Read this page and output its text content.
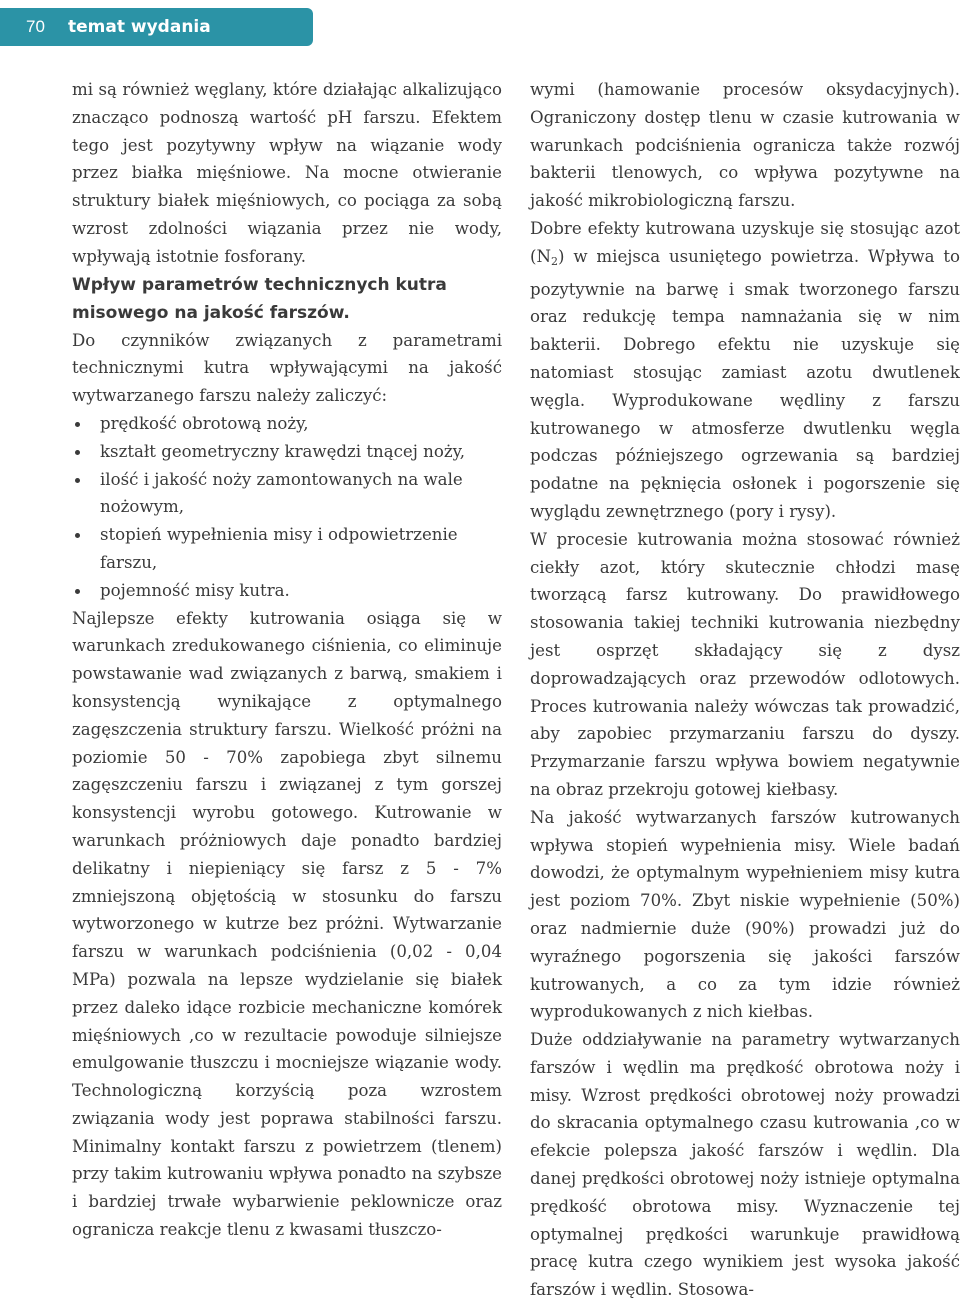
70	temat wydania

mi są również węglany, które działając alkalizująco znacząco podnoszą wartość pH farszu. Efektem tego jest pozytywny wpływ na wiązanie wody przez białka mięśniowe. Na mocne otwieranie struktury białek mięśniowych, co pociąga za sobą wzrost zdolności wiązania przez nie wody, wpływają istotnie fosforany.

Wpływ parametrów technicznych kutra misowego na jakość farszów.

Do czynników związanych z parametrami technicznymi kutra wpływającymi na jakość wytwarzanego farszu należy zaliczyć:

prędkość obrotową noży,
kształt geometryczny krawędzi tnącej noży,
ilość i jakość noży zamontowanych na wale nożowym,
stopień wypełnienia misy i odpowietrzenie farszu,
pojemność misy kutra.

Najlepsze efekty kutrowania osiąga się w warunkach zredukowanego ciśnienia, co eliminuje powstawanie wad związanych z barwą, smakiem i konsystencją wynikające z optymalnego zagęszczenia struktury farszu. Wielkość próżni na poziomie 50 - 70% zapobiega zbyt silnemu zagęszczeniu farszu i związanej z tym gorszej konsystencji wyrobu gotowego. Kutrowanie w warunkach próżniowych daje ponadto bardziej delikatny i niepieniący się farsz z 5 - 7% zmniejszoną objętością w stosunku do farszu wytworzonego w kutrze bez próżni. Wytwarzanie farszu w warunkach podciśnienia (0,02 - 0,04 MPa) pozwala na lepsze wydzielanie się białek przez daleko idące rozbicie mechaniczne komórek mięśniowych ,co w rezultacie powoduje silniejsze emulgowanie tłuszczu i mocniejsze wiązanie wody. Technologiczną korzyścią poza wzrostem związania wody jest poprawa stabilności farszu. Minimalny kontakt farszu z powietrzem (tlenem) przy takim kutrowaniu wpływa ponadto na szybsze i bardziej trwałe wybarwienie peklownicze oraz ogranicza reakcje tlenu z kwasami tłuszczo-

wymi (hamowanie procesów oksydacyjnych). Ograniczony dostęp tlenu w czasie kutrowania w warunkach podciśnienia ogranicza także rozwój bakterii tlenowych, co wpływa pozytywne na jakość mikrobiologiczną farszu.

Dobre efekty kutrowana uzyskuje się stosując azot $(N_2)$ w miejsca usuniętego powietrza. Wpływa to pozytywnie na barwę i smak tworzonego farszu oraz redukcję tempa namnażania się w nim bakterii. Dobrego efektu nie uzyskuje się natomiast stosując zamiast azotu dwutlenek węgla. Wyprodukowane wędliny z farszu kutrowanego w atmosferze dwutlenku węgla podczas późniejszego ogrzewania są bardziej podatne na pęknięcia osłonek i pogorszenie się wyglądu zewnętrznego (pory i rysy).

W procesie kutrowania można stosować również ciekły azot, który skutecznie chłodzi masę tworzącą farsz kutrowany. Do prawidłowego stosowania takiej techniki kutrowania niezbędny jest osprzęt składający się z dysz doprowadzających oraz przewodów odlotowych. Proces kutrowania należy wówczas tak prowadzić, aby zapobiec przymarzaniu farszu do dyszy. Przymarzanie farszu wpływa bowiem negatywnie na obraz przekroju gotowej kiełbasy.

Na jakość wytwarzanych farszów kutrowanych wpływa stopień wypełnienia misy. Wiele badań dowodzi, że optymalnym wypełnieniem misy kutra jest poziom 70%. Zbyt niskie wypełnienie (50%) oraz nadmiernie duże (90%) prowadzi już do wyraźnego pogorszenia się jakości farszów kutrowanych, a co za tym idzie również wyprodukowanych z nich kiełbas.

Duże oddziaływanie na parametry wytwarzanych farszów i wędlin ma prędkość obrotowa noży i misy. Wzrost prędkości obrotowej noży prowadzi do skracania optymalnego czasu kutrowania ,co w efekcie polepsza jakość farszów i wędlin. Dla danej prędkości obrotowej noży istnieje optymalna prędkość obrotowa misy. Wyznaczenie tej optymalnej prędkości warunkuje prawidłową pracę kutra czego wynikiem jest wysoka jakość farszów i wędlin. Stosowa-
